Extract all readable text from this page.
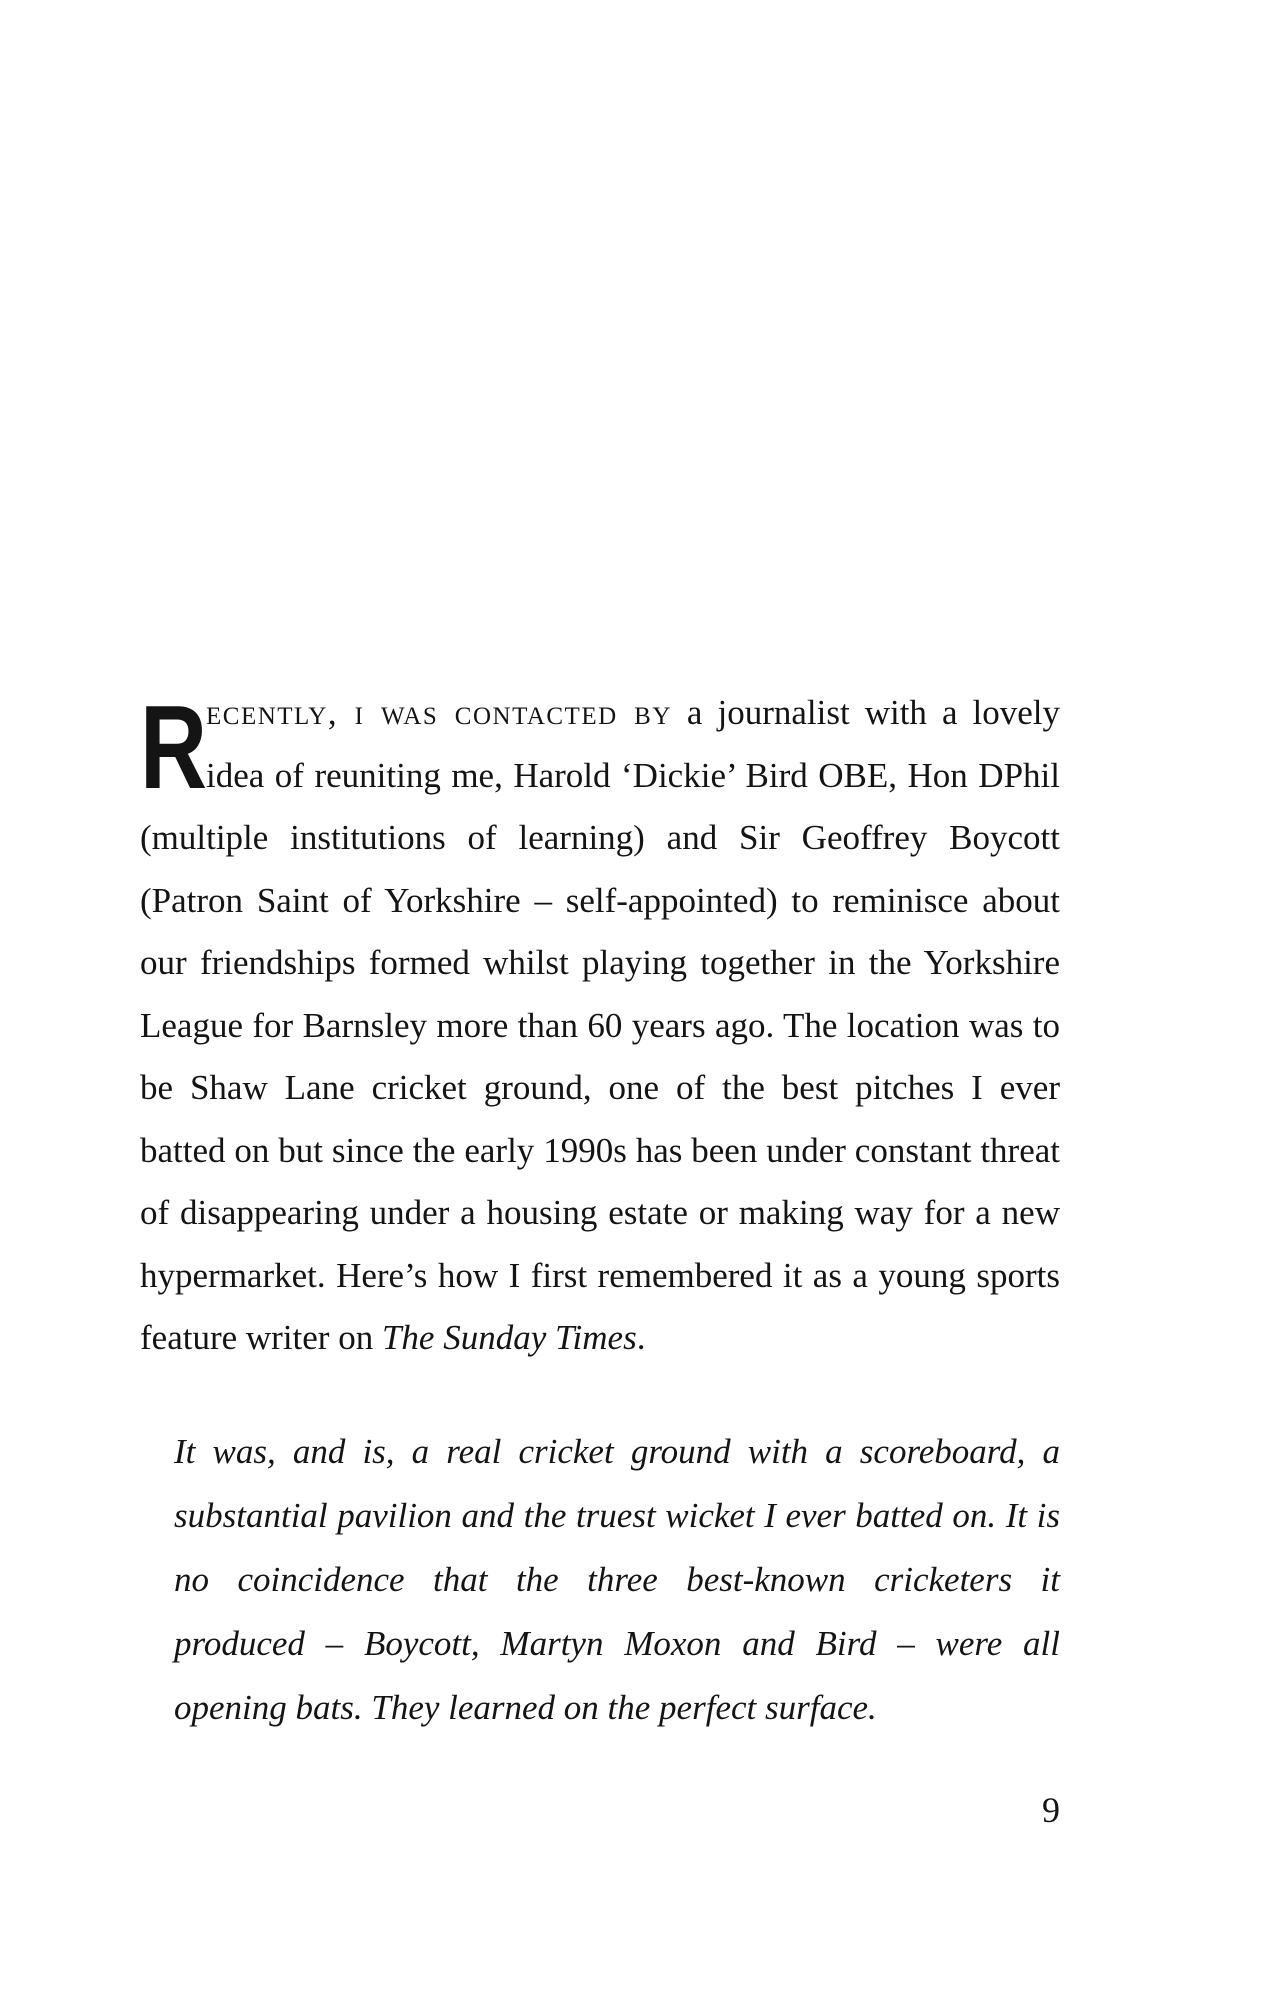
Recently, i was contacted by a journalist with a lovely idea of reuniting me, Harold ‘Dickie’ Bird OBE, Hon DPhil (multiple institutions of learning) and Sir Geoffrey Boycott (Patron Saint of Yorkshire – self-appointed) to reminisce about our friendships formed whilst playing together in the Yorkshire League for Barnsley more than 60 years ago. The location was to be Shaw Lane cricket ground, one of the best pitches I ever batted on but since the early 1990s has been under constant threat of disappearing under a housing estate or making way for a new hypermarket. Here’s how I first remembered it as a young sports feature writer on The Sunday Times.

It was, and is, a real cricket ground with a scoreboard, a substantial pavilion and the truest wicket I ever batted on. It is no coincidence that the three best-known cricketers it produced – Boycott, Martyn Moxon and Bird – were all opening bats. They learned on the perfect surface.

9
